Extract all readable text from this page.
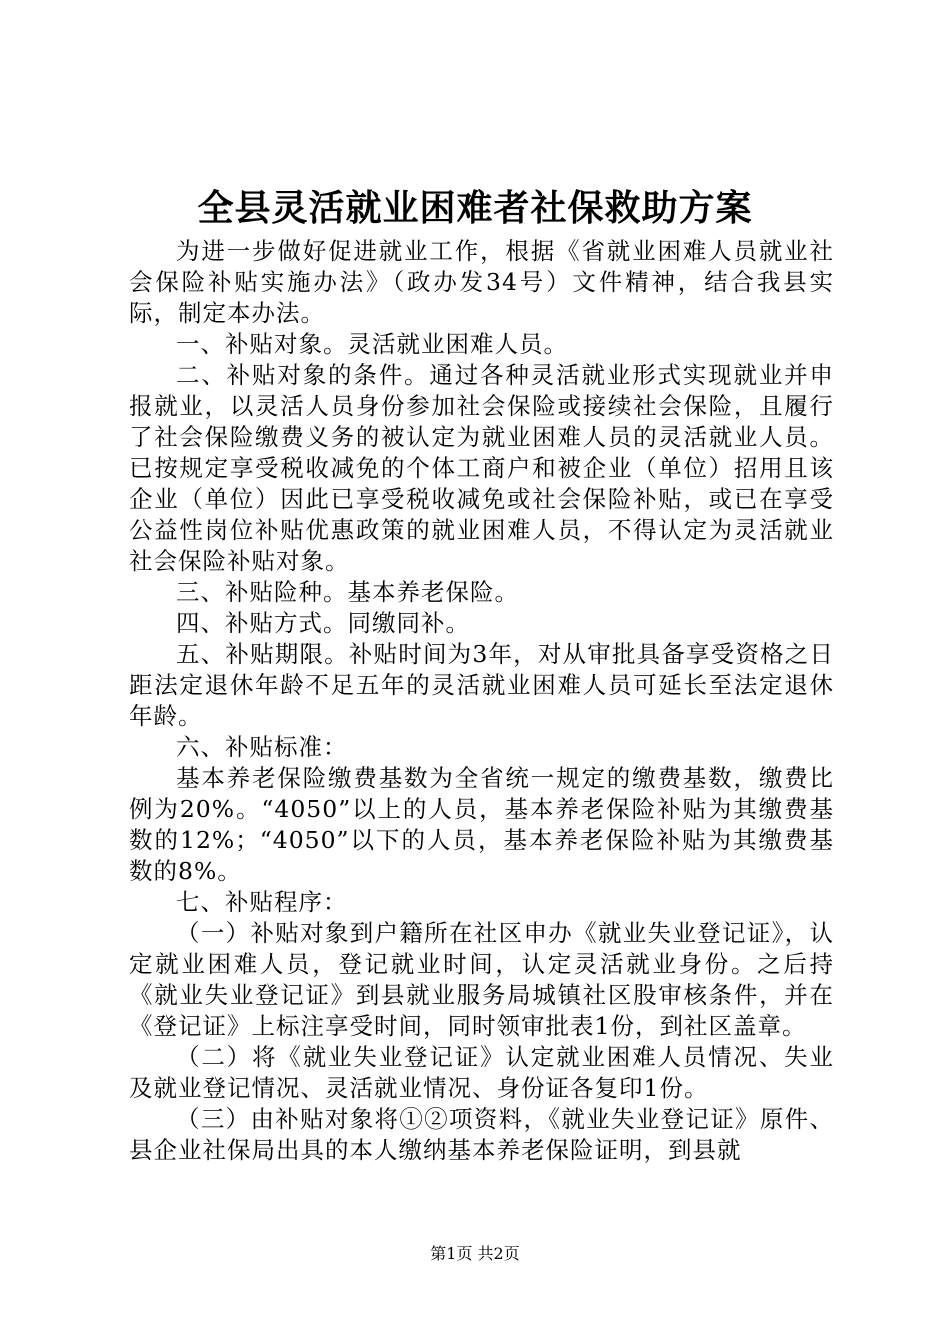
全县灵活就业困难者社保救助方案

为进一步做好促进就业工作，根据《省就业困难人员就业社会保险补贴实施办法》（政办发34号）文件精神，结合我县实际，制定本办法。

一、补贴对象。灵活就业困难人员。

二、补贴对象的条件。通过各种灵活就业形式实现就业并申报就业，以灵活人员身份参加社会保险或接续社会保险，且履行了社会保险缴费义务的被认定为就业困难人员的灵活就业人员。已按规定享受税收减免的个体工商户和被企业（单位）招用且该企业（单位）因此已享受税收减免或社会保险补贴，或已在享受公益性岗位补贴优惠政策的就业困难人员，不得认定为灵活就业社会保险补贴对象。

三、补贴险种。基本养老保险。

四、补贴方式。同缴同补。

五、补贴期限。补贴时间为3年，对从审批具备享受资格之日距法定退休年龄不足五年的灵活就业困难人员可延长至法定退休年龄。

六、补贴标准：

基本养老保险缴费基数为全省统一规定的缴费基数，缴费比例为20%。“4050”以上的人员，基本养老保险补贴为其缴费基数的12%；“4050”以下的人员，基本养老保险补贴为其缴费基数的8%。

七、补贴程序：

（一）补贴对象到户籍所在社区申办《就业失业登记证》，认定就业困难人员，登记就业时间，认定灵活就业身份。之后持《就业失业登记证》到县就业服务局城镇社区股审核条件，并在《登记证》上标注享受时间，同时领审批表1份，到社区盖章。

（二）将《就业失业登记证》认定就业困难人员情况、失业及就业登记情况、灵活就业情况、身份证各复印1份。

（三）由补贴对象将①②项资料，《就业失业登记证》原件、县企业社保局出具的本人缴纳基本养老保险证明，到县就

第1页 共2页
